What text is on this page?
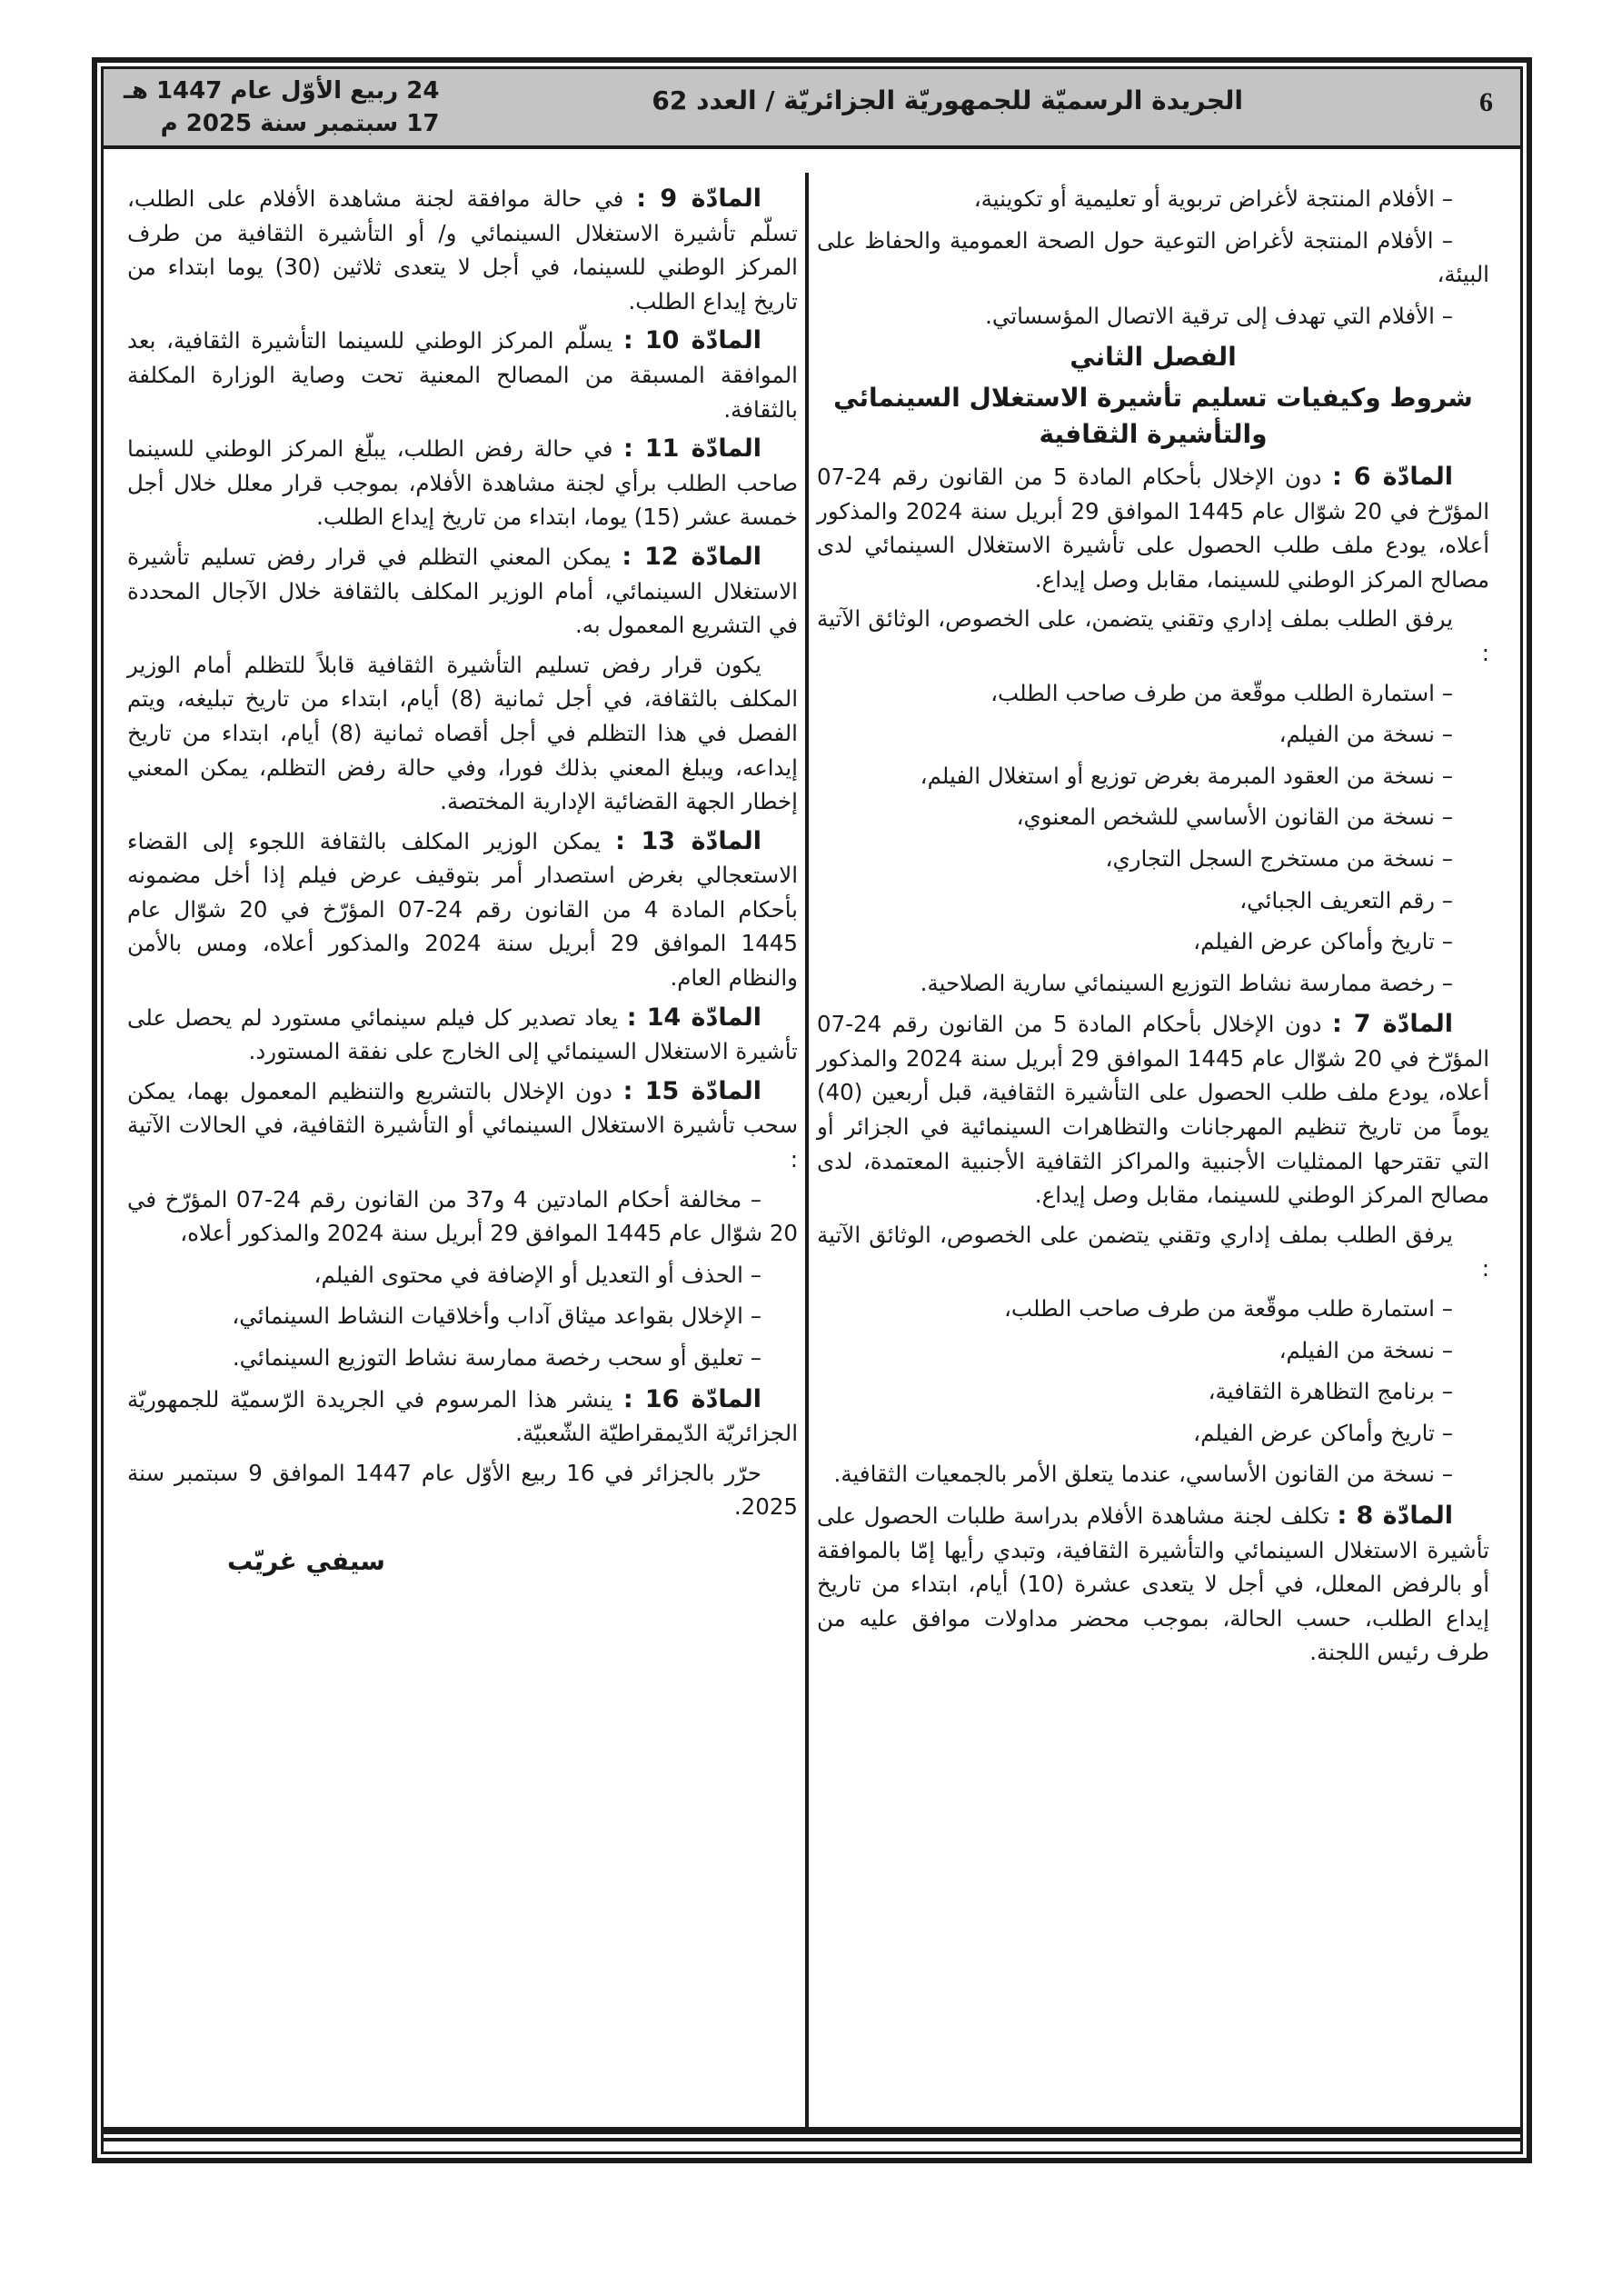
6
الجريدة الرسميّة للجمهوريّة الجزائريّة / العدد 62
24 ربيع الأوّل عام 1447 هـ
17 سبتمبر سنة 2025 م

– الأفلام المنتجة لأغراض تربوية أو تعليمية أو تكوينية،

– الأفلام المنتجة لأغراض التوعية حول الصحة العمومية والحفاظ على البيئة،

– الأفلام التي تهدف إلى ترقية الاتصال المؤسساتي.

الفصل الثاني

شروط وكيفيات تسليم تأشيرة الاستغلال السينمائي والتأشيرة الثقافية

المادّة 6 : دون الإخلال بأحكام المادة 5 من القانون رقم 24-07 المؤرّخ في 20 شوّال عام 1445 الموافق 29 أبريل سنة 2024 والمذكور أعلاه، يودع ملف طلب الحصول على تأشيرة الاستغلال السينمائي لدى مصالح المركز الوطني للسينما، مقابل وصل إيداع.

يرفق الطلب بملف إداري وتقني يتضمن، على الخصوص، الوثائق الآتية :

– استمارة الطلب موقّعة من طرف صاحب الطلب،

– نسخة من الفيلم،

– نسخة من العقود المبرمة بغرض توزيع أو استغلال الفيلم،

– نسخة من القانون الأساسي للشخص المعنوي،

– نسخة من مستخرج السجل التجاري،

– رقم التعريف الجبائي،

– تاريخ وأماكن عرض الفيلم،

– رخصة ممارسة نشاط التوزيع السينمائي سارية الصلاحية.

المادّة 7 : دون الإخلال بأحكام المادة 5 من القانون رقم 24-07 المؤرّخ في 20 شوّال عام 1445 الموافق 29 أبريل سنة 2024 والمذكور أعلاه، يودع ملف طلب الحصول على التأشيرة الثقافية، قبل أربعين (40) يوماً من تاريخ تنظيم المهرجانات والتظاهرات السينمائية في الجزائر أو التي تقترحها الممثليات الأجنبية والمراكز الثقافية الأجنبية المعتمدة، لدى مصالح المركز الوطني للسينما، مقابل وصل إيداع.

يرفق الطلب بملف إداري وتقني يتضمن على الخصوص، الوثائق الآتية :

– استمارة طلب موقّعة من طرف صاحب الطلب،

– نسخة من الفيلم،

– برنامج التظاهرة الثقافية،

– تاريخ وأماكن عرض الفيلم،

– نسخة من القانون الأساسي، عندما يتعلق الأمر بالجمعيات الثقافية.

المادّة 8 : تكلف لجنة مشاهدة الأفلام بدراسة طلبات الحصول على تأشيرة الاستغلال السينمائي والتأشيرة الثقافية، وتبدي رأيها إمّا بالموافقة أو بالرفض المعلل، في أجل لا يتعدى عشرة (10) أيام، ابتداء من تاريخ إيداع الطلب، حسب الحالة، بموجب محضر مداولات موافق عليه من طرف رئيس اللجنة.

المادّة 9 : في حالة موافقة لجنة مشاهدة الأفلام على الطلب، تسلّم تأشيرة الاستغلال السينمائي و/ أو التأشيرة الثقافية من طرف المركز الوطني للسينما، في أجل لا يتعدى ثلاثين (30) يوما ابتداء من تاريخ إيداع الطلب.

المادّة 10 : يسلّم المركز الوطني للسينما التأشيرة الثقافية، بعد الموافقة المسبقة من المصالح المعنية تحت وصاية الوزارة المكلفة بالثقافة.

المادّة 11 : في حالة رفض الطلب، يبلّغ المركز الوطني للسينما صاحب الطلب برأي لجنة مشاهدة الأفلام، بموجب قرار معلل خلال أجل خمسة عشر (15) يوما، ابتداء من تاريخ إيداع الطلب.

المادّة 12 : يمكن المعني التظلم في قرار رفض تسليم تأشيرة الاستغلال السينمائي، أمام الوزير المكلف بالثقافة خلال الآجال المحددة في التشريع المعمول به.

يكون قرار رفض تسليم التأشيرة الثقافية قابلاً للتظلم أمام الوزير المكلف بالثقافة، في أجل ثمانية (8) أيام، ابتداء من تاريخ تبليغه، ويتم الفصل في هذا التظلم في أجل أقصاه ثمانية (8) أيام، ابتداء من تاريخ إيداعه، ويبلغ المعني بذلك فورا، وفي حالة رفض التظلم، يمكن المعني إخطار الجهة القضائية الإدارية المختصة.

المادّة 13 : يمكن الوزير المكلف بالثقافة اللجوء إلى القضاء الاستعجالي بغرض استصدار أمر بتوقيف عرض فيلم إذا أخل مضمونه بأحكام المادة 4 من القانون رقم 24-07 المؤرّخ في 20 شوّال عام 1445 الموافق 29 أبريل سنة 2024 والمذكور أعلاه، ومس بالأمن والنظام العام.

المادّة 14 : يعاد تصدير كل فيلم سينمائي مستورد لم يحصل على تأشيرة الاستغلال السينمائي إلى الخارج على نفقة المستورد.

المادّة 15 : دون الإخلال بالتشريع والتنظيم المعمول بهما، يمكن سحب تأشيرة الاستغلال السينمائي أو التأشيرة الثقافية، في الحالات الآتية :

– مخالفة أحكام المادتين 4 و37 من القانون رقم 24-07 المؤرّخ في 20 شوّال عام 1445 الموافق 29 أبريل سنة 2024 والمذكور أعلاه،

– الحذف أو التعديل أو الإضافة في محتوى الفيلم،

– الإخلال بقواعد ميثاق آداب وأخلاقيات النشاط السينمائي،

– تعليق أو سحب رخصة ممارسة نشاط التوزيع السينمائي.

المادّة 16 : ينشر هذا المرسوم في الجريدة الرّسميّة للجمهوريّة الجزائريّة الدّيمقراطيّة الشّعبيّة.

حرّر بالجزائر في 16 ربيع الأوّل عام 1447 الموافق 9 سبتمبر سنة 2025.

سيفي غريّب
